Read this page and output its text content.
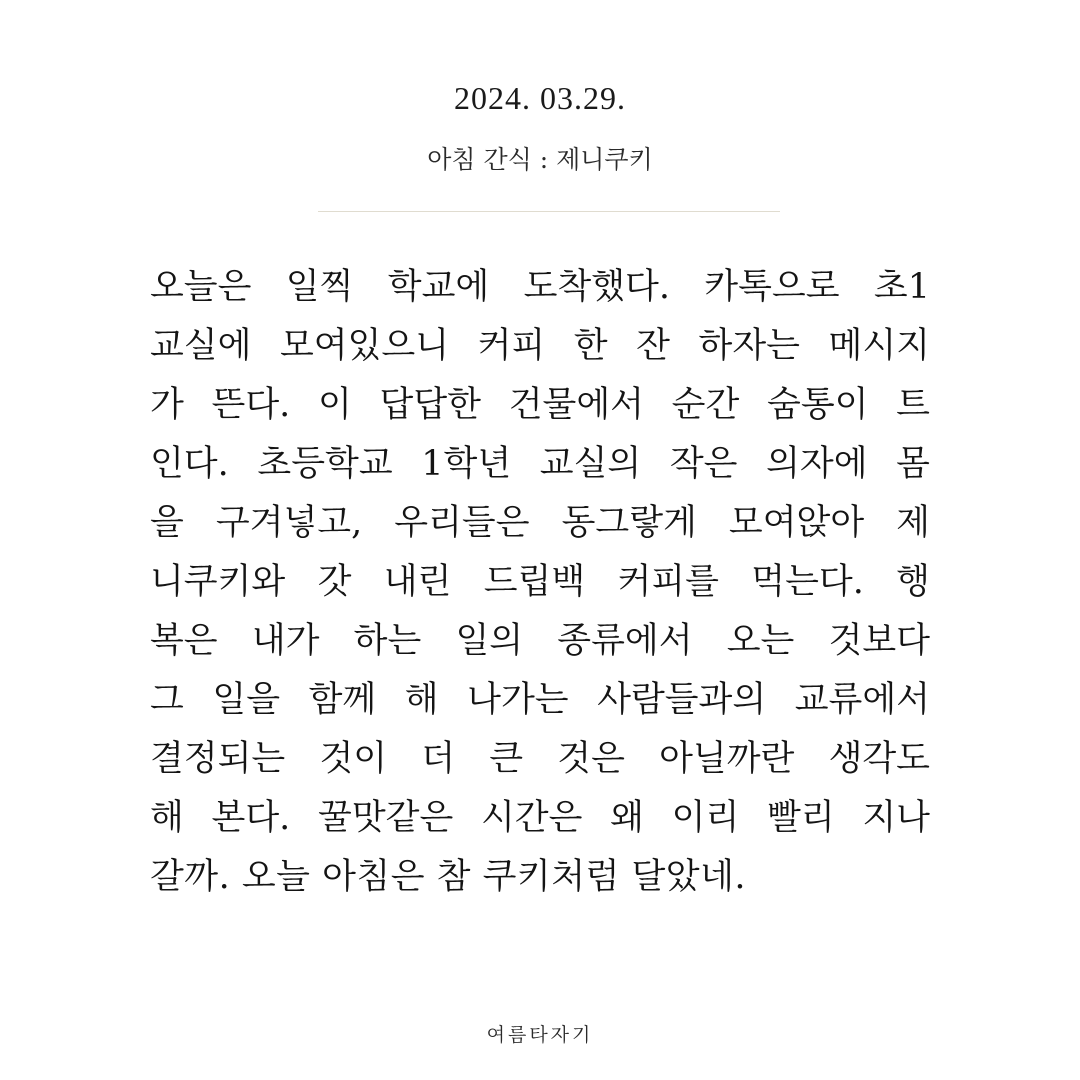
2024. 03.29.
아침 간식 : 제니쿠키
오늘은 일찍 학교에 도착했다. 카톡으로 초1
교실에 모여있으니 커피 한 잔 하자는 메시지
가 뜬다. 이 답답한 건물에서 순간 숨통이 트
인다. 초등학교 1학년 교실의 작은 의자에 몸
을 구겨넣고, 우리들은 동그랗게 모여앉아 제
니쿠키와 갓 내린 드립백 커피를 먹는다. 행
복은 내가 하는 일의 종류에서 오는 것보다
그 일을 함께 해 나가는 사람들과의 교류에서
결정되는 것이 더 큰 것은 아닐까란 생각도
해 본다. 꿀맛같은 시간은 왜 이리 빨리 지나
갈까. 오늘 아침은 참 쿠키처럼 달았네.
여름타자기
